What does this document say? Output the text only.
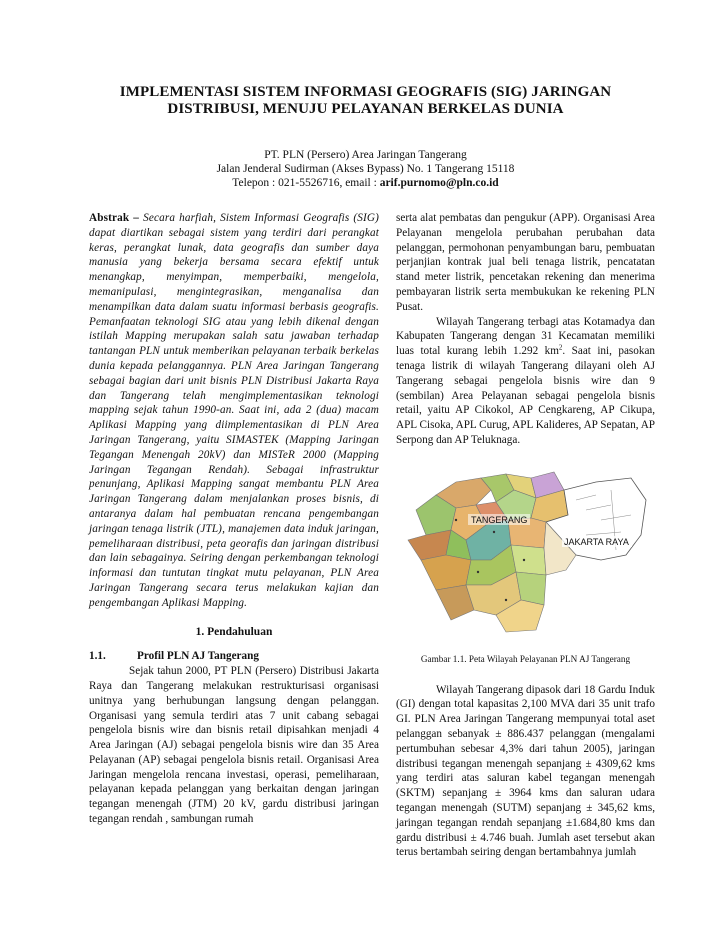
IMPLEMENTASI SISTEM INFORMASI GEOGRAFIS (SIG) JARINGAN DISTRIBUSI, MENUJU PELAYANAN BERKELAS DUNIA
PT. PLN (Persero) Area Jaringan Tangerang
Jalan Jenderal Sudirman (Akses Bypass) No. 1 Tangerang 15118
Telepon : 021-5526716, email : arif.purnomo@pln.co.id

Abstrak – Secara harfiah, Sistem Informasi Geografis (SIG) dapat diartikan sebagai sistem yang terdiri dari perangkat keras, perangkat lunak, data geografis dan sumber daya manusia yang bekerja bersama secara efektif untuk menangkap, menyimpan, memperbaiki, mengelola, memanipulasi, mengintegrasikan, menganalisa dan menampilkan data dalam suatu informasi berbasis geografis. Pemanfaatan teknologi SIG atau yang lebih dikenal dengan istilah Mapping merupakan salah satu jawaban terhadap tantangan PLN untuk memberikan pelayanan terbaik berkelas dunia kepada pelanggannya. PLN Area Jaringan Tangerang sebagai bagian dari unit bisnis PLN Distribusi Jakarta Raya dan Tangerang telah mengimplementasikan teknologi mapping sejak tahun 1990-an. Saat ini, ada 2 (dua) macam Aplikasi Mapping yang diimplementasikan di PLN Area Jaringan Tangerang, yaitu SIMASTEK (Mapping Jaringan Tegangan Menengah 20kV) dan MISTeR 2000 (Mapping Jaringan Tegangan Rendah). Sebagai infrastruktur penunjang, Aplikasi Mapping sangat membantu PLN Area Jaringan Tangerang dalam menjalankan proses bisnis, di antaranya dalam hal pembuatan rencana pengembangan jaringan tenaga listrik (JTL), manajemen data induk jaringan, pemeliharaan distribusi, peta georafis dan jaringan distribusi dan lain sebagainya. Seiring dengan perkembangan teknologi informasi dan tuntutan tingkat mutu pelayanan, PLN Area Jaringan Tangerang secara terus melakukan kajian dan pengembangan Aplikasi Mapping.

1. Pendahuluan
1.1.	Profil PLN AJ Tangerang

Sejak tahun 2000, PT PLN (Persero) Distribusi Jakarta Raya dan Tangerang melakukan restrukturisasi organisasi unitnya yang berhubungan langsung dengan pelanggan. Organisasi yang semula terdiri atas 7 unit cabang sebagai pengelola bisnis wire dan bisnis retail dipisahkan menjadi 4 Area Jaringan (AJ) sebagai pengelola bisnis wire dan 35 Area Pelayanan (AP) sebagai pengelola bisnis retail. Organisasi Area Jaringan mengelola rencana investasi, operasi, pemeliharaan, pelayanan kepada pelanggan yang berkaitan dengan jaringan tegangan menengah (JTM) 20 kV, gardu distribusi jaringan tegangan rendah , sambungan rumah

serta alat pembatas dan pengukur (APP). Organisasi Area Pelayanan mengelola perubahan perubahan data pelanggan, permohonan penyambungan baru, pembuatan perjanjian kontrak jual beli tenaga listrik, pencatatan stand meter listrik, pencetakan rekening dan menerima pembayaran listrik serta membukukan ke rekening PLN Pusat.

Wilayah Tangerang terbagi atas Kotamadya dan Kabupaten Tangerang dengan 31 Kecamatan memiliki luas total kurang lebih 1.292 $km^2$. Saat ini, pasokan tenaga listrik di wilayah Tangerang dilayani oleh AJ Tangerang sebagai pengelola bisnis wire dan 9 (sembilan) Area Pelayanan sebagai pengelola bisnis retail, yaitu AP Cikokol, AP Cengkareng, AP Cikupa, APL Cisoka, APL Curug, APL Kalideres, AP Sepatan, AP Serpong dan AP Teluknaga.

TANGERANG
JAKARTA RAYA
Gambar 1.1. Peta Wilayah Pelayanan PLN AJ Tangerang

Wilayah Tangerang dipasok dari 18 Gardu Induk (GI) dengan total kapasitas 2,100 MVA dari 35 unit trafo GI. PLN Area Jaringan Tangerang mempunyai total aset pelanggan sebanyak ± 886.437 pelanggan (mengalami pertumbuhan sebesar 4,3% dari tahun 2005), jaringan distribusi tegangan menengah sepanjang ± 4309,62 kms yang terdiri atas saluran kabel tegangan menengah (SKTM) sepanjang ± 3964 kms dan saluran udara tegangan menengah (SUTM) sepanjang ± 345,62 kms, jaringan tegangan rendah sepanjang ±1.684,80 kms dan gardu distribusi ± 4.746 buah. Jumlah aset tersebut akan terus bertambah seiring dengan bertambahnya jumlah
